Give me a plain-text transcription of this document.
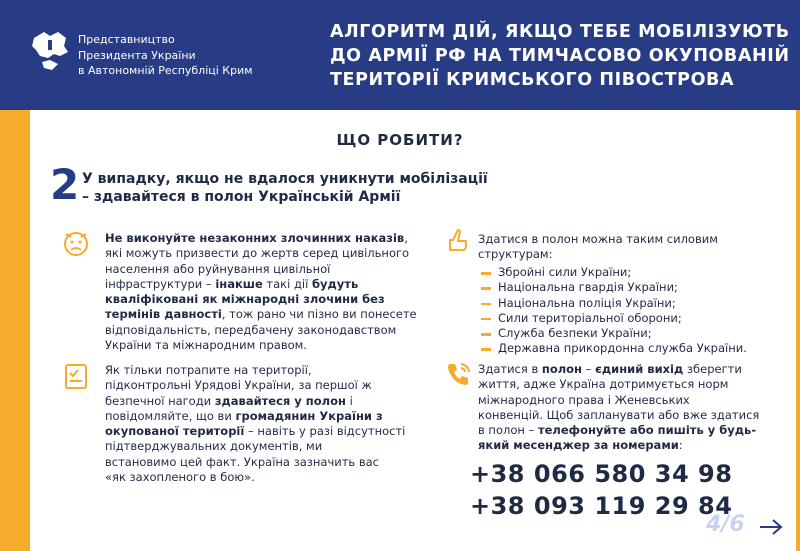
Представництво
Президента України
в Автономній Республіці Крим
АЛГОРИТМ ДІЙ, ЯКЩО ТЕБЕ МОБІЛІЗУЮТЬ
ДО АРМІЇ РФ НА ТИМЧАСОВО ОКУПОВАНІЙ
ТЕРИТОРІЇ КРИМСЬКОГО ПІВОСТРОВА
ЩО РОБИТИ?
2 У випадку, якщо не вдалося уникнути мобілізації
– здавайтеся в полон Українській Армії
Не виконуйте незаконних злочинних наказів,
які можуть призвести до жертв серед цивільного
населення або руйнування цивільної
інфраструктури – інакше такі дії будуть
кваліфіковані як міжнародні злочини без
термінів давності, тож рано чи пізно ви понесете
відповідальність, передбачену законодавством
України та міжнародним правом.
Як тільки потрапите на території,
підконтрольні Урядові України, за першої ж
безпечної нагоди здавайтеся у полон і
повідомляйте, що ви громадянин України з
окупованої території – навіть у разі відсутності
підтверджувальних документів, ми
встановимо цей факт. Україна зазначить вас
«як захопленого в бою».
Здатися в полон можна таким силовим
структурам:
Збройні сили України;
Національна гвардія України;
Національна поліція України;
Сили територіальної оборони;
Служба безпеки України;
Державна прикордонна служба України.
Здатися в полон – єдиний вихід зберегти
життя, адже Україна дотримується норм
міжнародного права і Женевських
конвенцій. Щоб запланувати або вже здатися
в полон – телефонуйте або пишіть у будь-
який месенджер за номерами:
+38 066 580 34 98
+38 093 119 29 84
4/6
